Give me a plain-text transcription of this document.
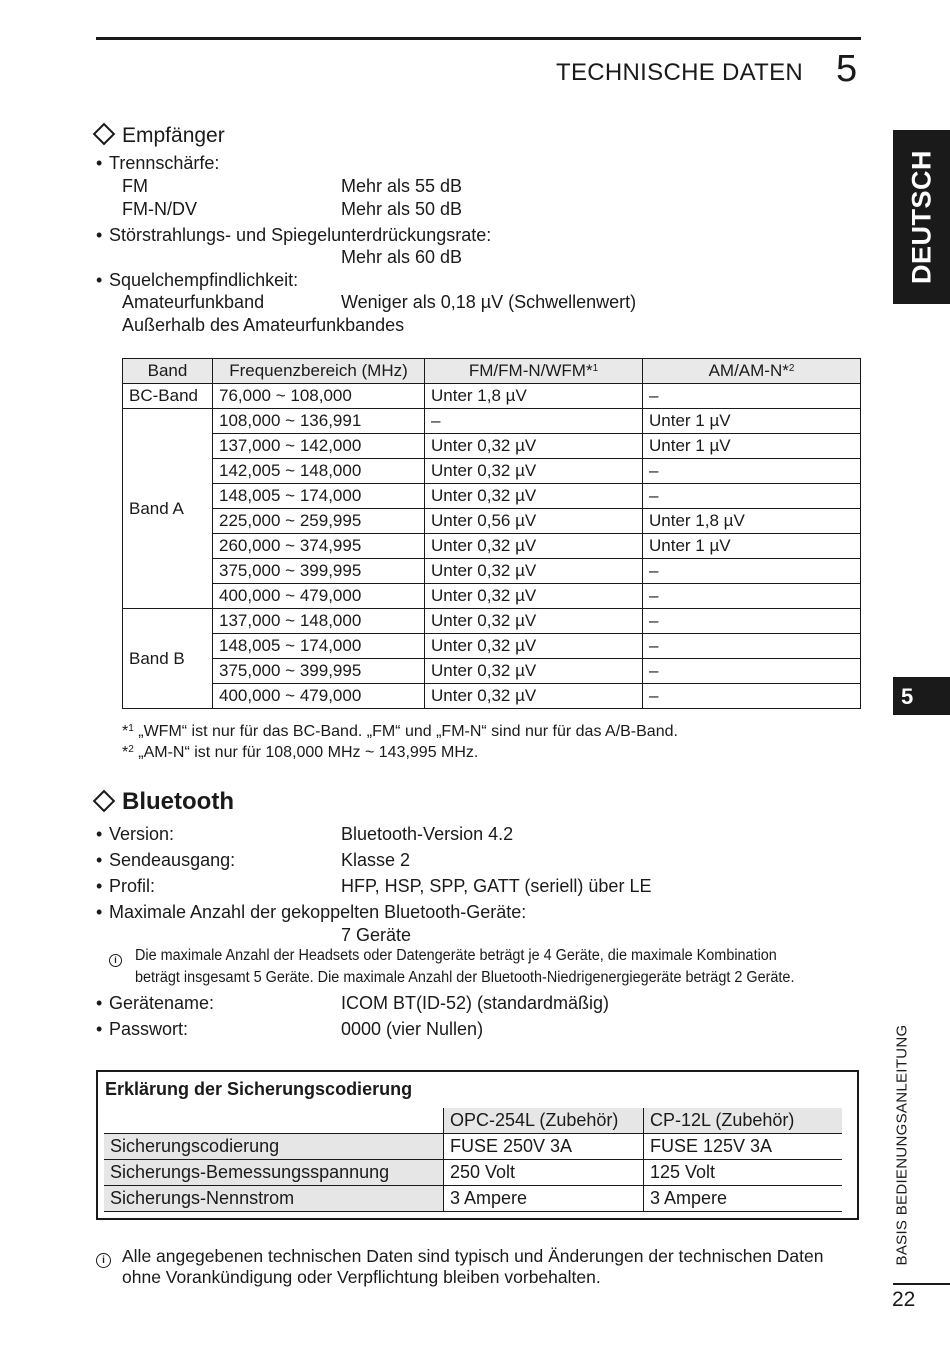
TECHNISCHE DATEN 5
DEUTSCH
5
BASIS BEDIENUNGSANLEITUNG
22
Empfänger
• Trennschärfe:
FM	Mehr als 55 dB
FM-N/DV	Mehr als 50 dB
• Störstrahlungs- und Spiegelunterdrückungsrate:
Mehr als 60 dB
• Squelchempfindlichkeit:
Amateurfunkband	Weniger als 0,18 µV (Schwellenwert)
Außerhalb des Amateurfunkbandes
Band	Frequenzbereich (MHz)	FM/FM-N/WFM*$^1$	AM/AM-N*$^2$
BC-Band	76,000 ~ 108,000	Unter 1,8 µV	–
Band A	108,000 ~ 136,991	–	Unter 1 µV
	137,000 ~ 142,000	Unter 0,32 µV	Unter 1 µV
	142,005 ~ 148,000	Unter 0,32 µV	–
	148,005 ~ 174,000	Unter 0,32 µV	–
	225,000 ~ 259,995	Unter 0,56 µV	Unter 1,8 µV
	260,000 ~ 374,995	Unter 0,32 µV	Unter 1 µV
	375,000 ~ 399,995	Unter 0,32 µV	–
	400,000 ~ 479,000	Unter 0,32 µV	–
Band B	137,000 ~ 148,000	Unter 0,32 µV	–
	148,005 ~ 174,000	Unter 0,32 µV	–
	375,000 ~ 399,995	Unter 0,32 µV	–
	400,000 ~ 479,000	Unter 0,32 µV	–
*$^1$ „WFM“ ist nur für das BC-Band. „FM“ und „FM-N“ sind nur für das A/B-Band.
*$^2$ „AM-N“ ist nur für 108,000 MHz ~ 143,995 MHz.
Bluetooth
• Version:	Bluetooth-Version 4.2
• Sendeausgang:	Klasse 2
• Profil:	HFP, HSP, SPP, GATT (seriell) über LE
• Maximale Anzahl der gekoppelten Bluetooth-Geräte:
7 Geräte
i	Die maximale Anzahl der Headsets oder Datengeräte beträgt je 4 Geräte, die maximale Kombination
beträgt insgesamt 5 Geräte. Die maximale Anzahl der Bluetooth-Niedrigenergiegeräte beträgt 2 Geräte.
• Gerätename:	ICOM BT(ID-52) (standardmäßig)
• Passwort:	0000 (vier Nullen)
Erklärung der Sicherungscodierung
	OPC-254L (Zubehör)	CP-12L (Zubehör)
Sicherungscodierung	FUSE 250V 3A	FUSE 125V 3A
Sicherungs-Bemessungsspannung	250 Volt	125 Volt
Sicherungs-Nennstrom	3 Ampere	3 Ampere
i Alle angegebenen technischen Daten sind typisch und Änderungen der technischen Daten
ohne Vorankündigung oder Verpflichtung bleiben vorbehalten.
